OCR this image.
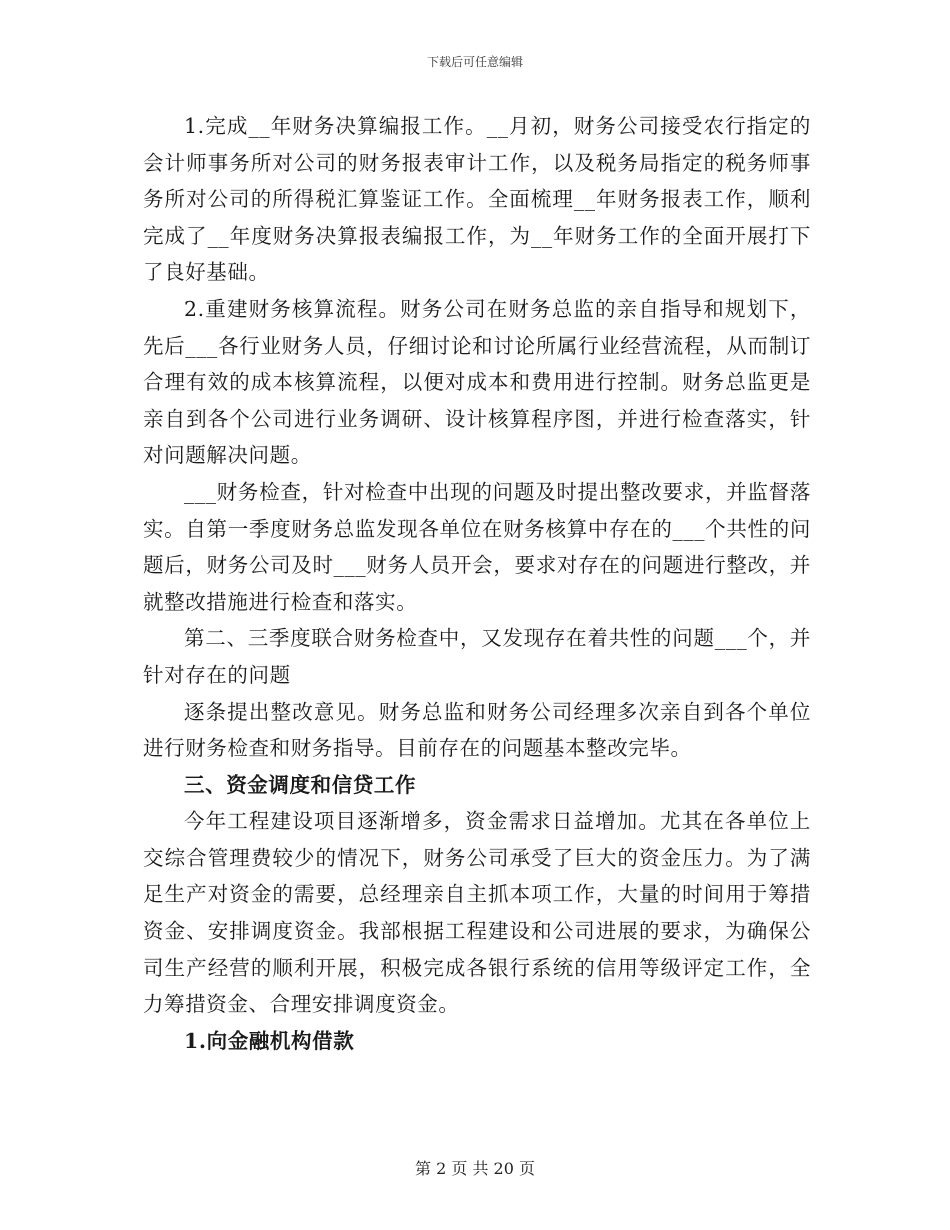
下载后可任意编辑

1.完成__年财务决算编报工作。__月初，财务公司接受农行指定的会计师事务所对公司的财务报表审计工作，以及税务局指定的税务师事务所对公司的所得税汇算鉴证工作。全面梳理__年财务报表工作，顺利完成了__年度财务决算报表编报工作，为__年财务工作的全面开展打下了良好基础。

2.重建财务核算流程。财务公司在财务总监的亲自指导和规划下，先后___各行业财务人员，仔细讨论和讨论所属行业经营流程，从而制订合理有效的成本核算流程，以便对成本和费用进行控制。财务总监更是亲自到各个公司进行业务调研、设计核算程序图，并进行检查落实，针对问题解决问题。

___财务检查，针对检查中出现的问题及时提出整改要求，并监督落实。自第一季度财务总监发现各单位在财务核算中存在的___个共性的问题后，财务公司及时___财务人员开会，要求对存在的问题进行整改，并就整改措施进行检查和落实。

第二、三季度联合财务检查中，又发现存在着共性的问题___个，并针对存在的问题

逐条提出整改意见。财务总监和财务公司经理多次亲自到各个单位进行财务检查和财务指导。目前存在的问题基本整改完毕。

三、资金调度和信贷工作

今年工程建设项目逐渐增多，资金需求日益增加。尤其在各单位上交综合管理费较少的情况下，财务公司承受了巨大的资金压力。为了满足生产对资金的需要，总经理亲自主抓本项工作，大量的时间用于筹措资金、安排调度资金。我部根据工程建设和公司进展的要求，为确保公司生产经营的顺利开展，积极完成各银行系统的信用等级评定工作，全力筹措资金、合理安排调度资金。

1.向金融机构借款

第 2 页 共 20 页
